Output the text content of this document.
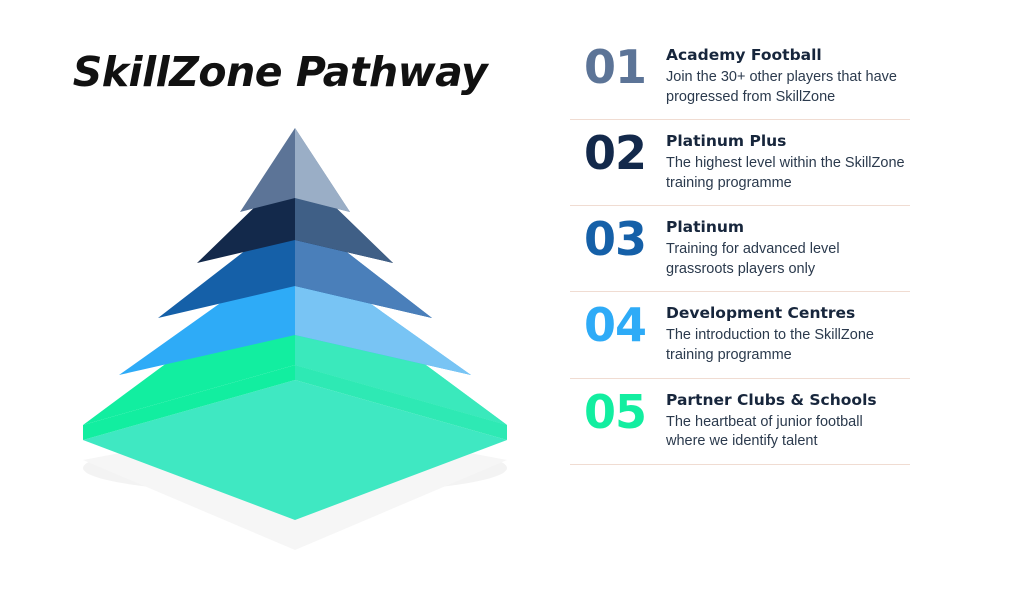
SkillZone Pathway	01	Academy Football
Join the 30+ other players that have progressed from SkillZone
02	Platinum Plus
The highest level within the SkillZone training programme
03	Platinum
Training for advanced level grassroots players only
04	Development Centres
The introduction to the SkillZone training programme
05	Partner Clubs & Schools
The heartbeat of junior football where we identify talent
